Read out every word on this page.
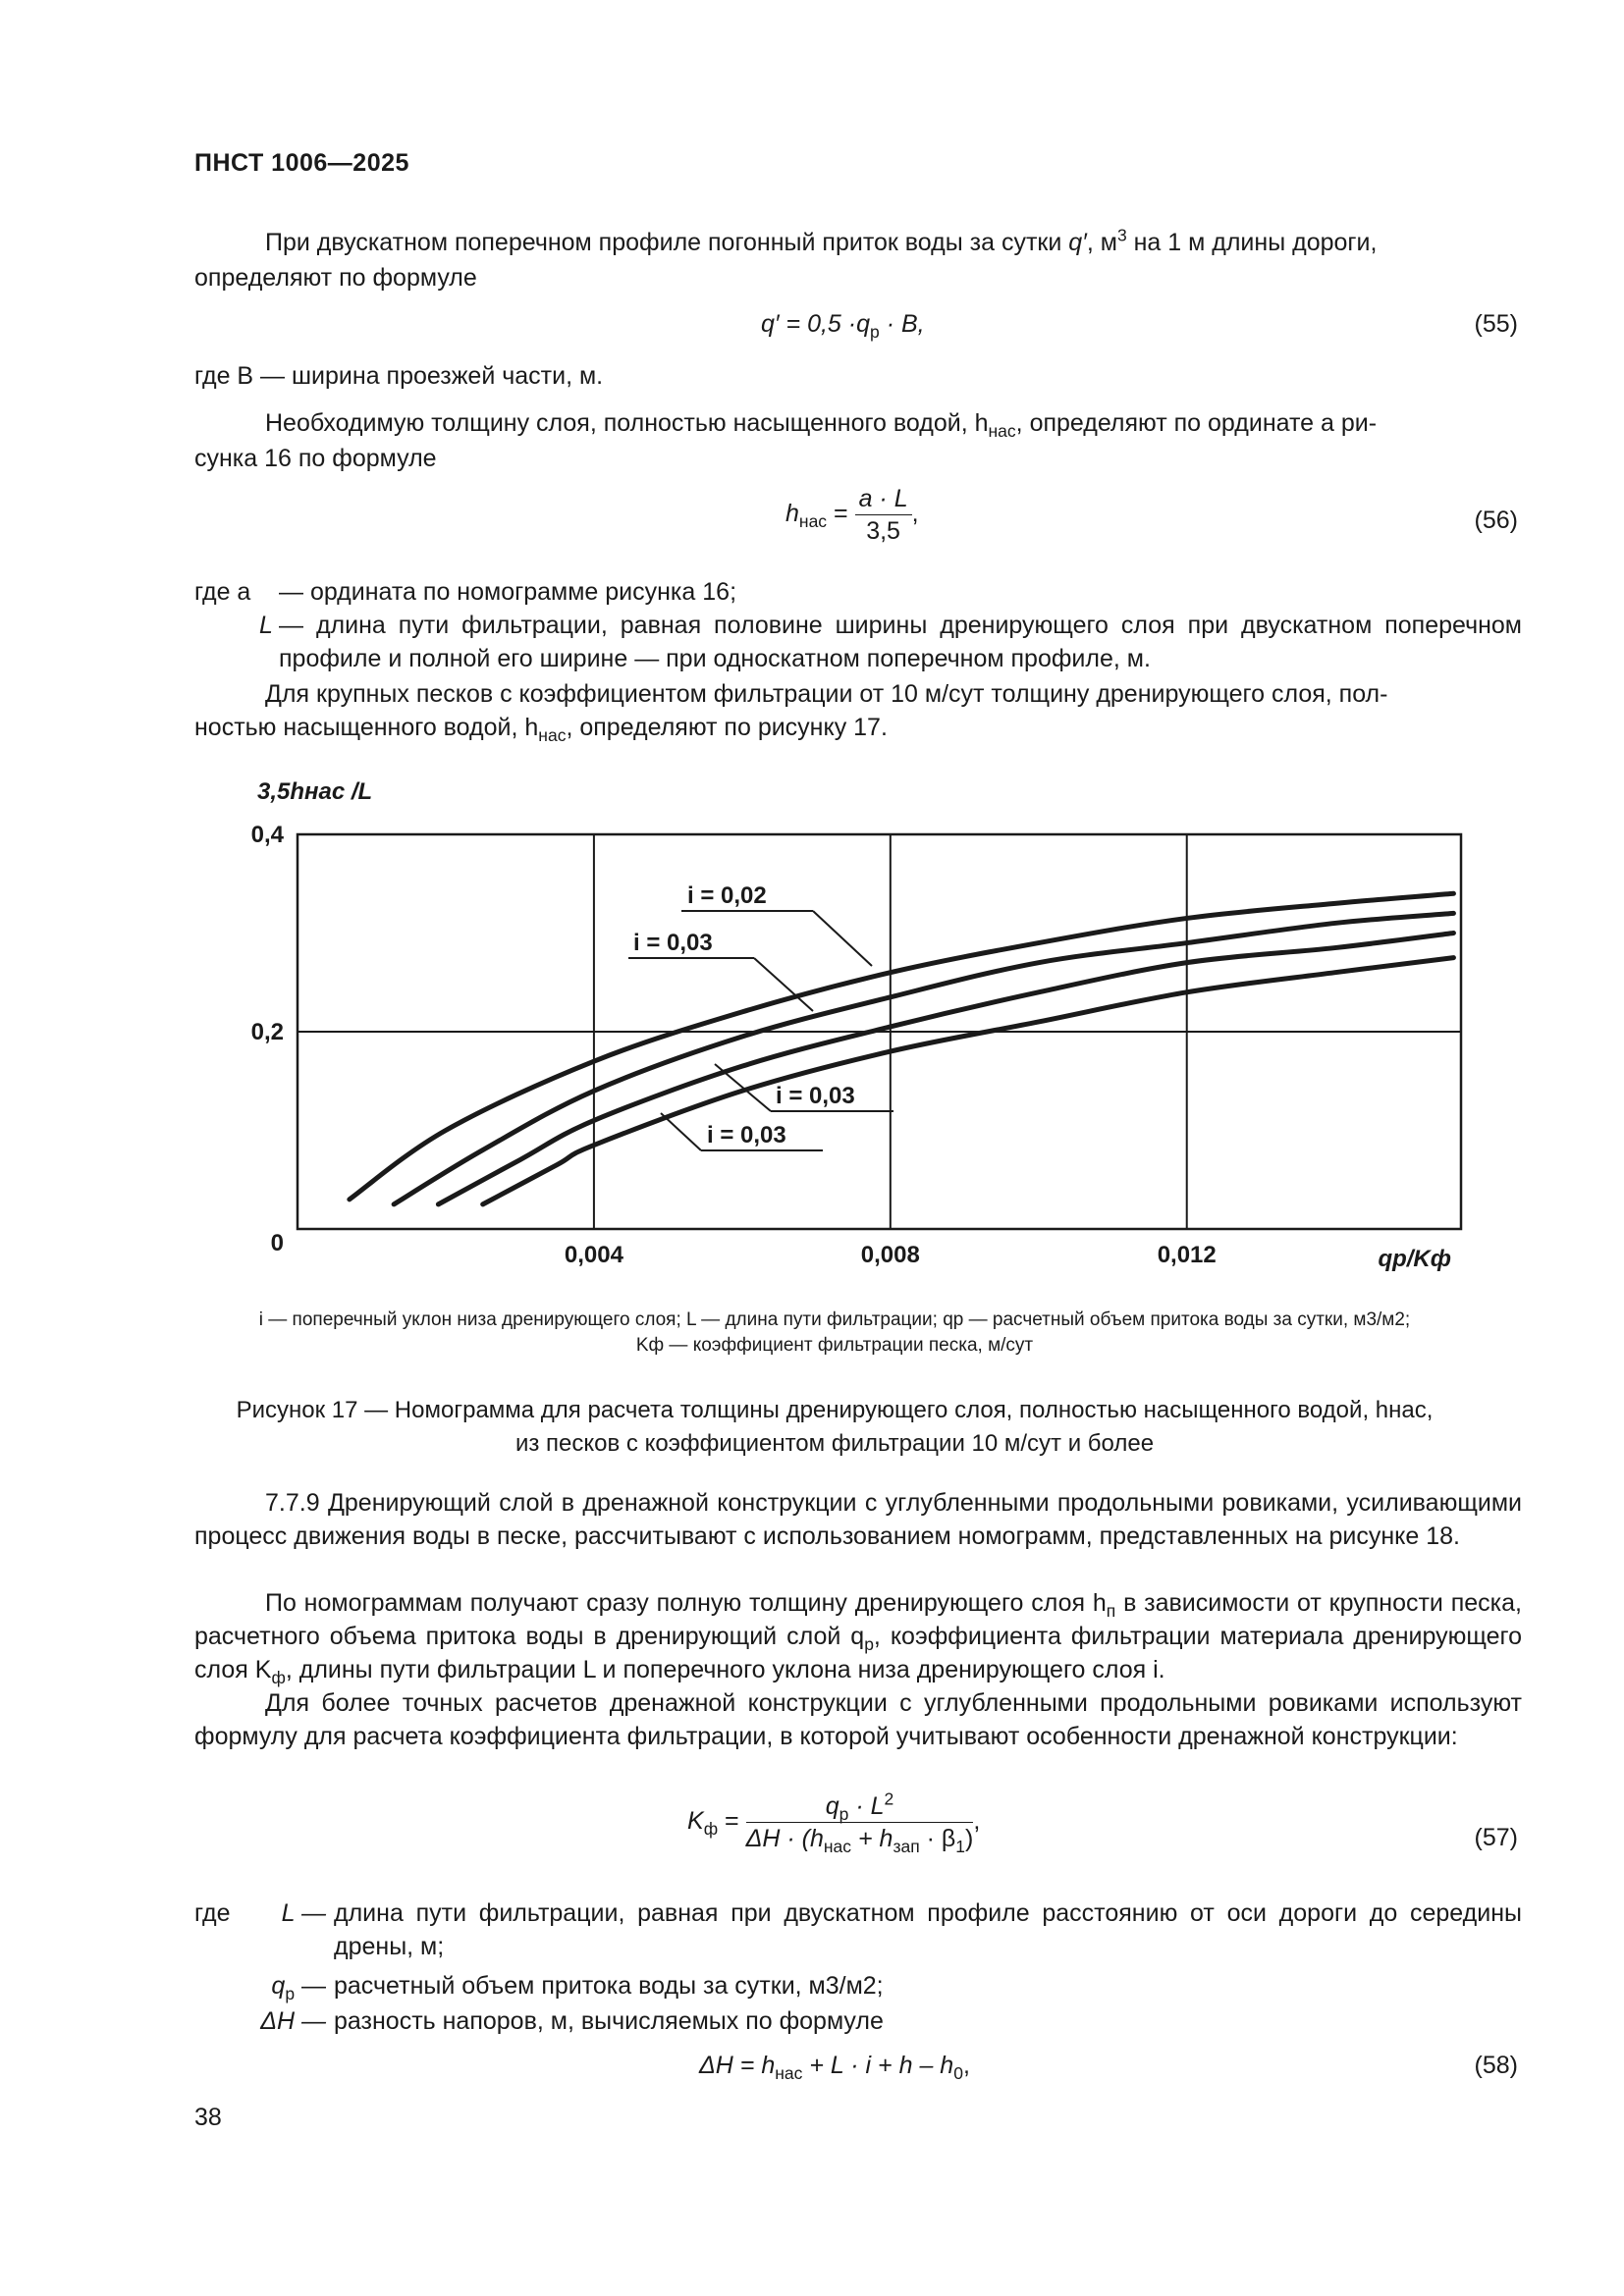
ПНСТ 1006—2025
При двускатном поперечном профиле погонный приток воды за сутки q′, $м^3$ на 1 м длины дороги,
определяют по формуле
$q' = 0,5 \cdot q_р \cdot B$,	(55)
где B — ширина проезжей части, м.
Необходимую толщину слоя, полностью насыщенного водой, $h_{нас}$, определяют по ординате a ри-
сунка 16 по формуле
$h_{нас} = \frac{a \cdot L}{3,5}$ ,	(56)
где a — ордината по номограмме рисунка 16;
L — длина пути фильтрации, равная половине ширины дренирующего слоя при двускатном поперечном профиле и полной его ширине — при односкатном поперечном профиле, м.
Для крупных песков с коэффициентом фильтрации от 10 м/сут толщину дренирующего слоя, пол-
ностью насыщенного водой, $h_{нас}$, определяют по рисунку 17.
0,004	0,008	0,012
0
0,2
0,4
3,5hнас /L
qр/Kф
i = 0,02
i = 0,03
i = 0,03
i = 0,03
i — поперечный уклон низа дренирующего слоя; L — длина пути фильтрации; qр — расчетный объем притока воды за сутки, м3/м2;
Kф — коэффициент фильтрации песка, м/сут
Рисунок 17 — Номограмма для расчета толщины дренирующего слоя, полностью насыщенного водой, hнас,
из песков с коэффициентом фильтрации 10 м/сут и более
7.7.9 Дренирующий слой в дренажной конструкции с углубленными продольными ровиками, усиливающими процесс движения воды в песке, рассчитывают с использованием номограмм, представленных на рисунке 18.
По номограммам получают сразу полную толщину дренирующего слоя $h_п$ в зависимости от крупности песка, расчетного объема притока воды в дренирующий слой $q_р$, коэффициента фильтрации материала дренирующего слоя $K_ф$, длины пути фильтрации L и поперечного уклона низа дренирующего слоя i.
Для более точных расчетов дренажной конструкции с углубленными продольными ровиками используют формулу для расчета коэффициента фильтрации, в которой учитывают особенности дренажной конструкции:
$K_ф = \frac{q_р \cdot L^2}{\Delta H \cdot (h_{нас} + h_{зап} \cdot \beta_1)}$ ,
(57)
где	L — длина пути фильтрации, равная при двускатном профиле расстоянию от оси дороги до середины дрены, м;
$q_р$ — расчетный объем притока воды за сутки, м3/м2;
ΔH — разность напоров, м, вычисляемых по формуле
$\Delta H = h_{нас} + L \cdot i + h - h_0$,	(58)
38
